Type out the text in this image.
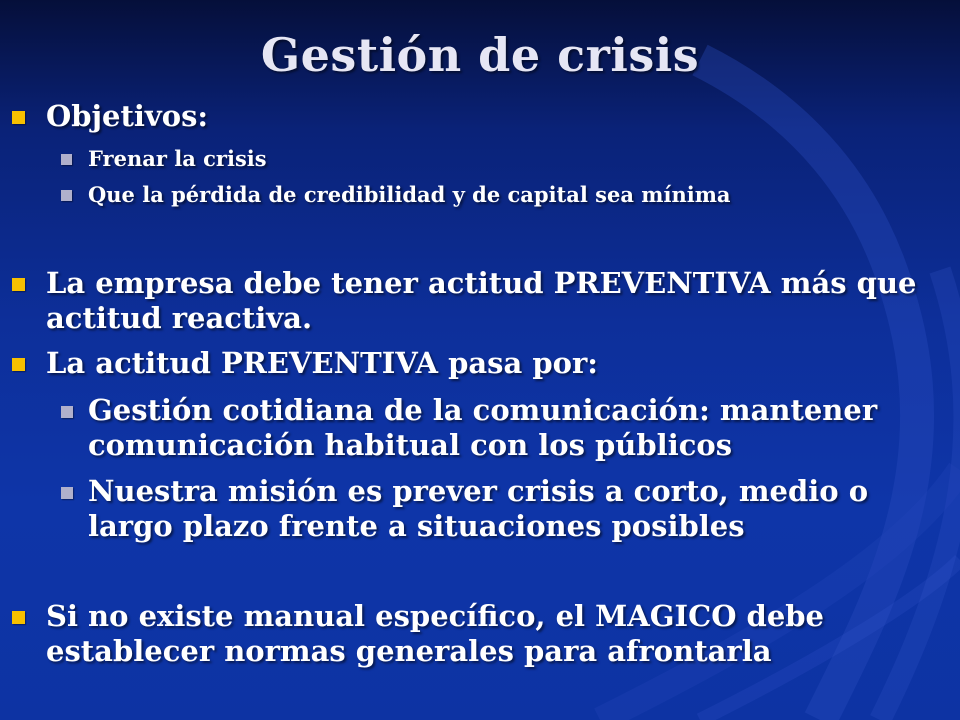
Gestión de crisis
Objetivos:
Frenar la crisis
Que la pérdida de credibilidad y de capital sea mínima
La empresa debe tener actitud PREVENTIVA más que actitud reactiva.
La actitud PREVENTIVA pasa por:
Gestión cotidiana de la comunicación: mantener comunicación habitual con los públicos
Nuestra misión es prever crisis a corto, medio o largo plazo frente a situaciones posibles
Si no existe manual específico, el MAGICO debe establecer normas generales para afrontarla
